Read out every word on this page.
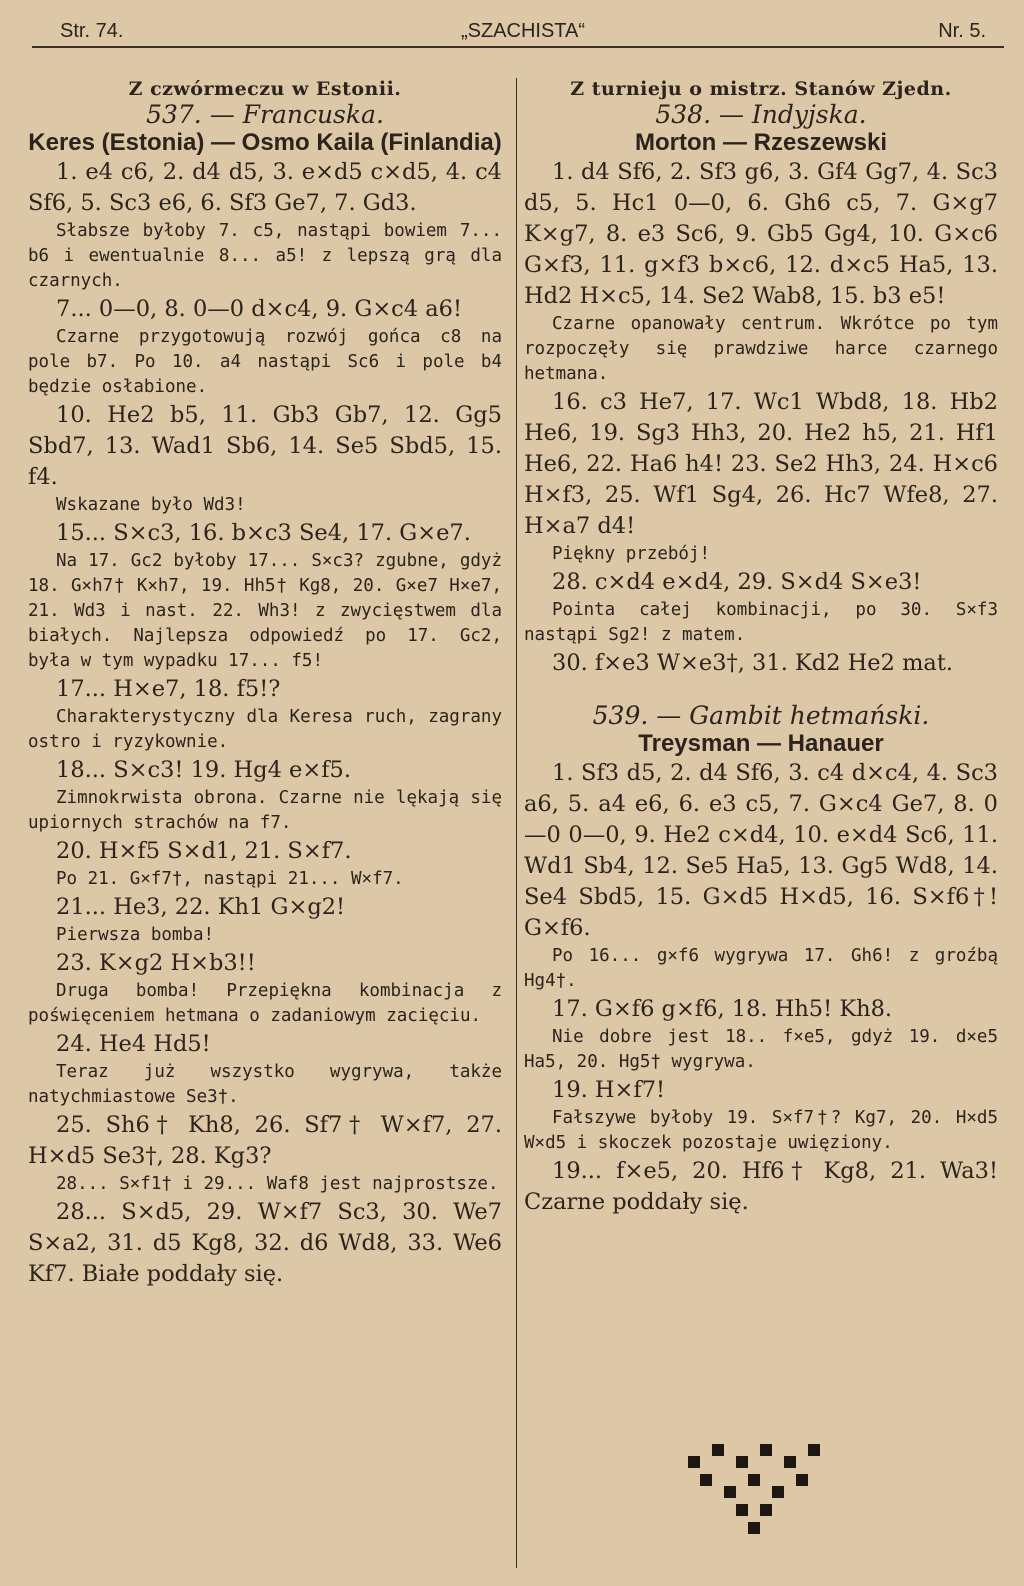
Str. 74.	„SZACHISTA“	Nr. 5.

Z czwórmeczu w Estonii.

537. — Francuska.

Keres (Estonia) — Osmo Kaila (Finlandia)

1. e4 c6, 2. d4 d5, 3. e×d5 c×d5, 4. c4 Sf6, 5. Sc3 e6, 6. Sf3 Ge7, 7. Gd3.

Słabsze byłoby 7. c5, nastąpi bowiem 7... b6 i ewentualnie 8... a5! z lepszą grą dla czarnych.

7... 0—0, 8. 0—0 d×c4, 9. G×c4 a6!

Czarne przygotowują rozwój gońca c8 na pole b7. Po 10. a4 nastąpi Sc6 i pole b4 będzie osłabione.

10. He2 b5, 11. Gb3 Gb7, 12. Gg5 Sbd7, 13. Wad1 Sb6, 14. Se5 Sbd5, 15. f4.

Wskazane było Wd3!

15... S×c3, 16. b×c3 Se4, 17. G×e7.

Na 17. Gc2 byłoby 17... S×c3? zgubne, gdyż 18. G×h7† K×h7, 19. Hh5† Kg8, 20. G×e7 H×e7, 21. Wd3 i nast. 22. Wh3! z zwycięstwem dla białych. Najlepsza odpowiedź po 17. Gc2, była w tym wypadku 17... f5!

17... H×e7, 18. f5!?

Charakterystyczny dla Keresa ruch, zagrany ostro i ryzykownie.

18... S×c3! 19. Hg4 e×f5.

Zimnokrwista obrona. Czarne nie lękają się upiornych strachów na f7.

20. H×f5 S×d1, 21. S×f7.

Po 21. G×f7†, nastąpi 21... W×f7.

21... He3, 22. Kh1 G×g2!

Pierwsza bomba!

23. K×g2 H×b3!!

Druga bomba! Przepiękna kombinacja z poświęceniem hetmana o zadaniowym zacięciu.

24. He4 Hd5!

Teraz już wszystko wygrywa, także natychmiastowe Se3†.

25. Sh6† Kh8, 26. Sf7† W×f7, 27. H×d5 Se3†, 28. Kg3?

28... S×f1† i 29... Waf8 jest najprostsze.

28... S×d5, 29. W×f7 Sc3, 30. We7 S×a2, 31. d5 Kg8, 32. d6 Wd8, 33. We6 Kf7. Białe poddały się.

Z turnieju o mistrz. Stanów Zjedn.

538. — Indyjska.

Morton — Rzeszewski

1. d4 Sf6, 2. Sf3 g6, 3. Gf4 Gg7, 4. Sc3 d5, 5. Hc1 0—0, 6. Gh6 c5, 7. G×g7 K×g7, 8. e3 Sc6, 9. Gb5 Gg4, 10. G×c6 G×f3, 11. g×f3 b×c6, 12. d×c5 Ha5, 13. Hd2 H×c5, 14. Se2 Wab8, 15. b3 e5!

Czarne opanowały centrum. Wkrótce po tym rozpoczęły się prawdziwe harce czarnego hetmana.

16. c3 He7, 17. Wc1 Wbd8, 18. Hb2 He6, 19. Sg3 Hh3, 20. He2 h5, 21. Hf1 He6, 22. Ha6 h4! 23. Se2 Hh3, 24. H×c6 H×f3, 25. Wf1 Sg4, 26. Hc7 Wfe8, 27. H×a7 d4!

Piękny przebój!

28. c×d4 e×d4, 29. S×d4 S×e3!

Pointa całej kombinacji, po 30. S×f3 nastąpi Sg2! z matem.

30. f×e3 W×e3†, 31. Kd2 He2 mat.

539. — Gambit hetmański.

Treysman — Hanauer

1. Sf3 d5, 2. d4 Sf6, 3. c4 d×c4, 4. Sc3 a6, 5. a4 e6, 6. e3 c5, 7. G×c4 Ge7, 8. 0—0 0—0, 9. He2 c×d4, 10. e×d4 Sc6, 11. Wd1 Sb4, 12. Se5 Ha5, 13. Gg5 Wd8, 14. Se4 Sbd5, 15. G×d5 H×d5, 16. S×f6†! G×f6.

Po 16... g×f6 wygrywa 17. Gh6! z groźbą Hg4†.

17. G×f6 g×f6, 18. Hh5! Kh8.

Nie dobre jest 18.. f×e5, gdyż 19. d×e5 Ha5, 20. Hg5† wygrywa.

19. H×f7!

Fałszywe byłoby 19. S×f7†? Kg7, 20. H×d5 W×d5 i skoczek pozostaje uwięziony.

19... f×e5, 20. Hf6† Kg8, 21. Wa3! Czarne poddały się.
